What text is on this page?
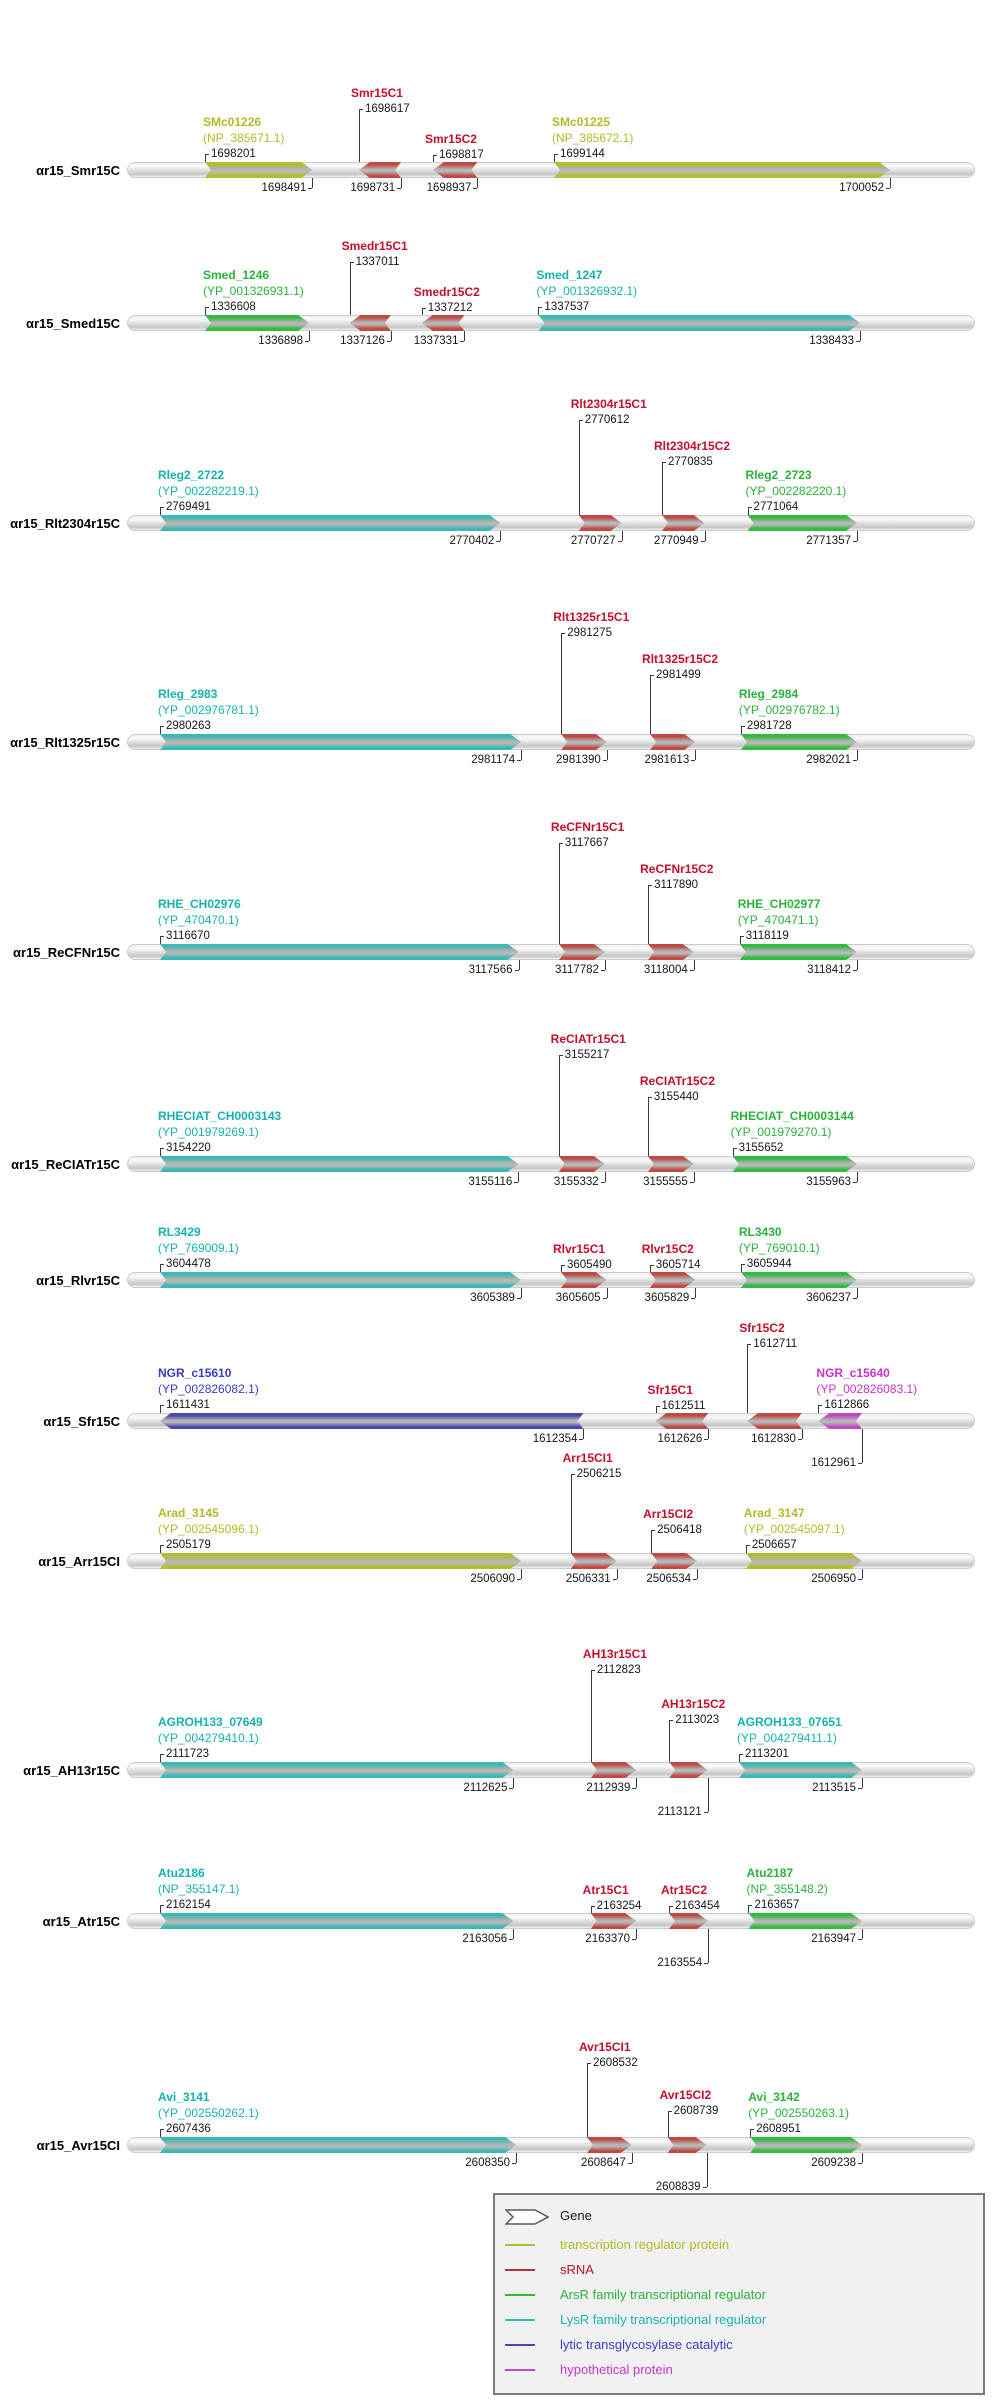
αr15_Smr15C
(NP_385671.1)
SMc01226
1698201
1698491
Smr15C1
1698617
1698731
Smr15C2
1698817
1698937
(NP_385672.1)
SMc01225
1699144
1700052
αr15_Smed15C
(YP_001326931.1)
Smed_1246
1336608
1336898
Smedr15C1
1337011
1337126
Smedr15C2
1337212
1337331
(YP_001326932.1)
Smed_1247
1337537
1338433
αr15_Rlt2304r15C
(YP_002282219.1)
Rleg2_2722
2769491
2770402
Rlt2304r15C1
2770612
2770727
Rlt2304r15C2
2770835
2770949
(YP_002282220.1)
Rleg2_2723
2771064
2771357
αr15_Rlt1325r15C
(YP_002976781.1)
Rleg_2983
2980263
2981174
Rlt1325r15C1
2981275
2981390
Rlt1325r15C2
2981499
2981613
(YP_002976782.1)
Rleg_2984
2981728
2982021
αr15_ReCFNr15C
(YP_470470.1)
RHE_CH02976
3116670
3117566
ReCFNr15C1
3117667
3117782
ReCFNr15C2
3117890
3118004
(YP_470471.1)
RHE_CH02977
3118119
3118412
αr15_ReCIATr15C
(YP_001979269.1)
RHECIAT_CH0003143
3154220
3155116
ReCIATr15C1
3155217
3155332
ReCIATr15C2
3155440
3155555
(YP_001979270.1)
RHECIAT_CH0003144
3155652
3155963
αr15_Rlvr15C
(YP_769009.1)
RL3429
3604478
3605389
Rlvr15C1
3605490
3605605
Rlvr15C2
3605714
3605829
(YP_769010.1)
RL3430
3605944
3606237
αr15_Sfr15C
(YP_002826082.1)
NGR_c15610
1611431
1612354
Sfr15C1
1612511
1612626
Sfr15C2
1612711
1612830
(YP_002826083.1)
NGR_c15640
1612866
1612961
αr15_Arr15CI
(YP_002545096.1)
Arad_3145
2505179
2506090
Arr15CI1
2506215
2506331
Arr15CI2
2506418
2506534
(YP_002545097.1)
Arad_3147
2506657
2506950
αr15_AH13r15C
(YP_004279410.1)
AGROH133_07649
2111723
2112625
AH13r15C1
2112823
2112939
AH13r15C2
2113023
2113121
(YP_004279411.1)
AGROH133_07651
2113201
2113515
αr15_Atr15C
(NP_355147.1)
Atu2186
2162154
2163056
Atr15C1
2163254
2163370
Atr15C2
2163454
2163554
(NP_355148.2)
Atu2187
2163657
2163947
αr15_Avr15CI
(YP_002550262.1)
Avi_3141
2607436
2608350
Avr15CI1
2608532
2608647
Avr15CI2
2608739
2608839
(YP_002550263.1)
Avi_3142
2608951
2609238
Gene
transcription regulator protein
sRNA
ArsR family transcriptional regulator
LysR family transcriptional regulator
lytic transglycosylase catalytic
hypothetical protein
